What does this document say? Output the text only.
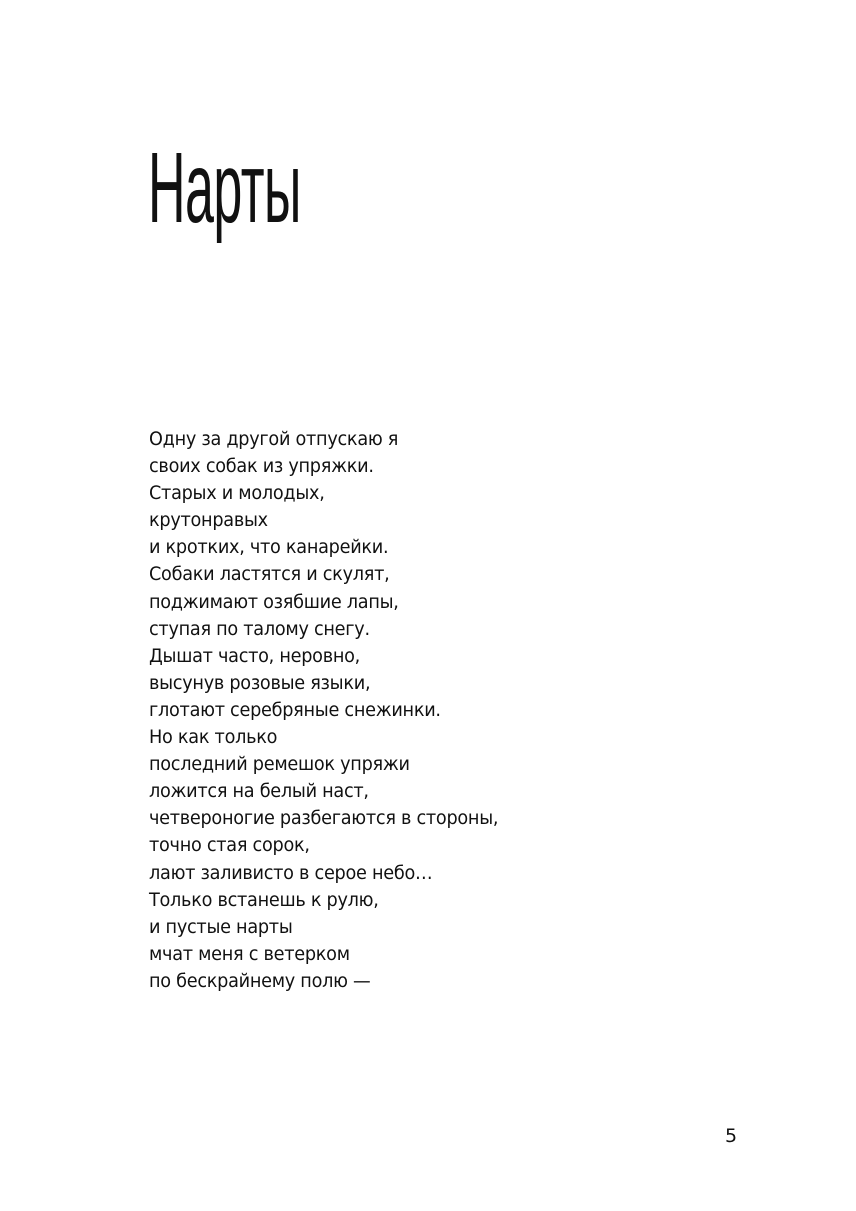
Нарты
Одну за другой отпускаю я
своих собак из упряжки.
Старых и молодых,
крутонравых
и кротких, что канарейки.
Собаки ластятся и скулят,
поджимают озябшие лапы,
ступая по талому снегу.
Дышат часто, неровно,
высунув розовые языки,
глотают серебряные снежинки.
Но как только
последний ремешок упряжи
ложится на белый наст,
четвероногие разбегаются в стороны,
точно стая сорок,
лают заливисто в серое небо…
Только встанешь к рулю,
и пустые нарты
мчат меня с ветерком
по бескрайнему полю —
5
